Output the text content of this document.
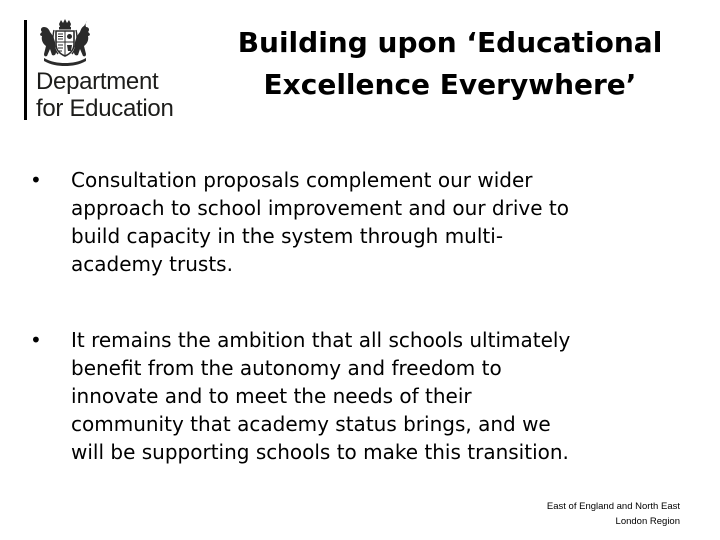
Department
for Education
Building upon ‘Educational
Excellence Everywhere’
•	Consultation proposals complement our wider
approach to school improvement and our drive to
build capacity in the system through multi-
academy trusts.
•	It remains the ambition that all schools ultimately
benefit from the autonomy and freedom to
innovate and to meet the needs of their
community that academy status brings, and we
will be supporting schools to make this transition.
East of England and North East
London Region
